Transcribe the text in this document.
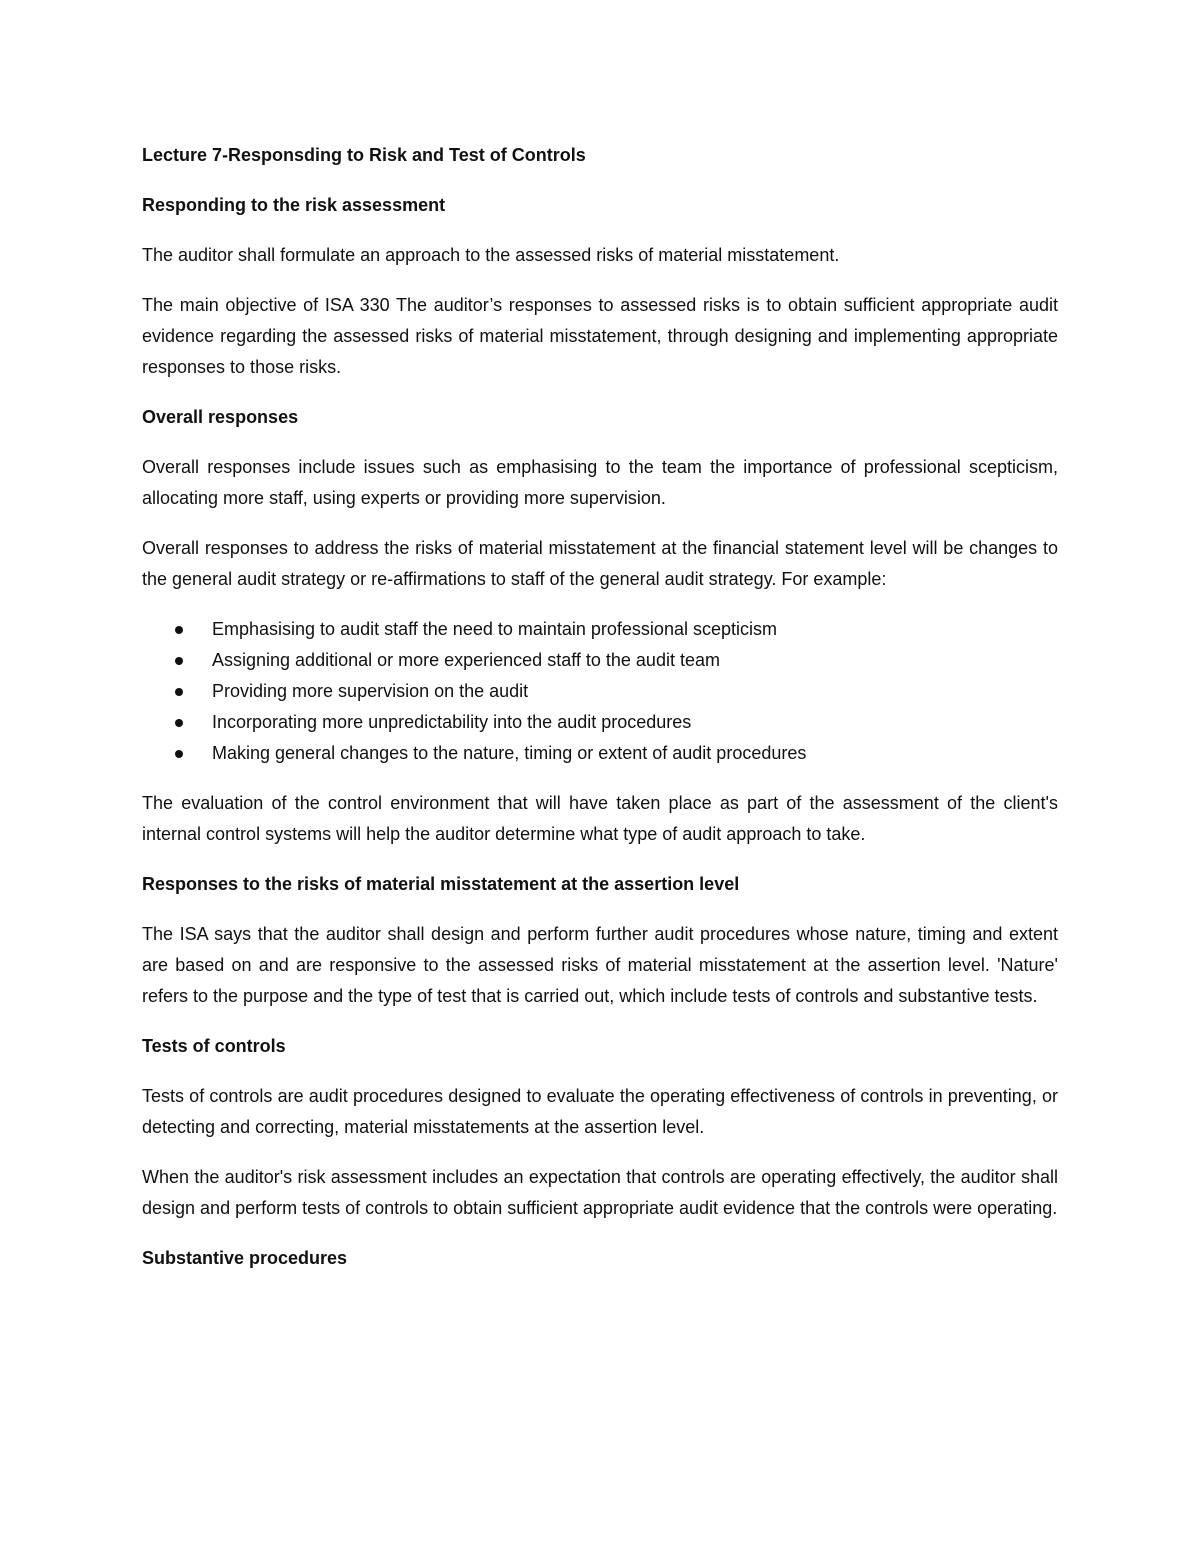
Lecture 7-Responsding to Risk and Test of Controls
Responding to the risk assessment
The auditor shall formulate an approach to the assessed risks of material misstatement.
The main objective of ISA 330 The auditor’s responses to assessed risks is to obtain sufficient appropriate audit evidence regarding the assessed risks of material misstatement, through designing and implementing appropriate responses to those risks.
Overall responses
Overall responses include issues such as emphasising to the team the importance of professional scepticism, allocating more staff, using experts or providing more supervision.
Overall responses to address the risks of material misstatement at the financial statement level will be changes to the general audit strategy or re-affirmations to staff of the general audit strategy. For example:
Emphasising to audit staff the need to maintain professional scepticism
Assigning additional or more experienced staff to the audit team
Providing more supervision on the audit
Incorporating more unpredictability into the audit procedures
Making general changes to the nature, timing or extent of audit procedures
The evaluation of the control environment that will have taken place as part of the assessment of the client's internal control systems will help the auditor determine what type of audit approach to take.
Responses to the risks of material misstatement at the assertion level
The ISA says that the auditor shall design and perform further audit procedures whose nature, timing and extent are based on and are responsive to the assessed risks of material misstatement at the assertion level. 'Nature' refers to the purpose and the type of test that is carried out, which include tests of controls and substantive tests.
Tests of controls
Tests of controls are audit procedures designed to evaluate the operating effectiveness of controls in preventing, or detecting and correcting, material misstatements at the assertion level.
When the auditor's risk assessment includes an expectation that controls are operating effectively, the auditor shall design and perform tests of controls to obtain sufficient appropriate audit evidence that the controls were operating.
Substantive procedures
